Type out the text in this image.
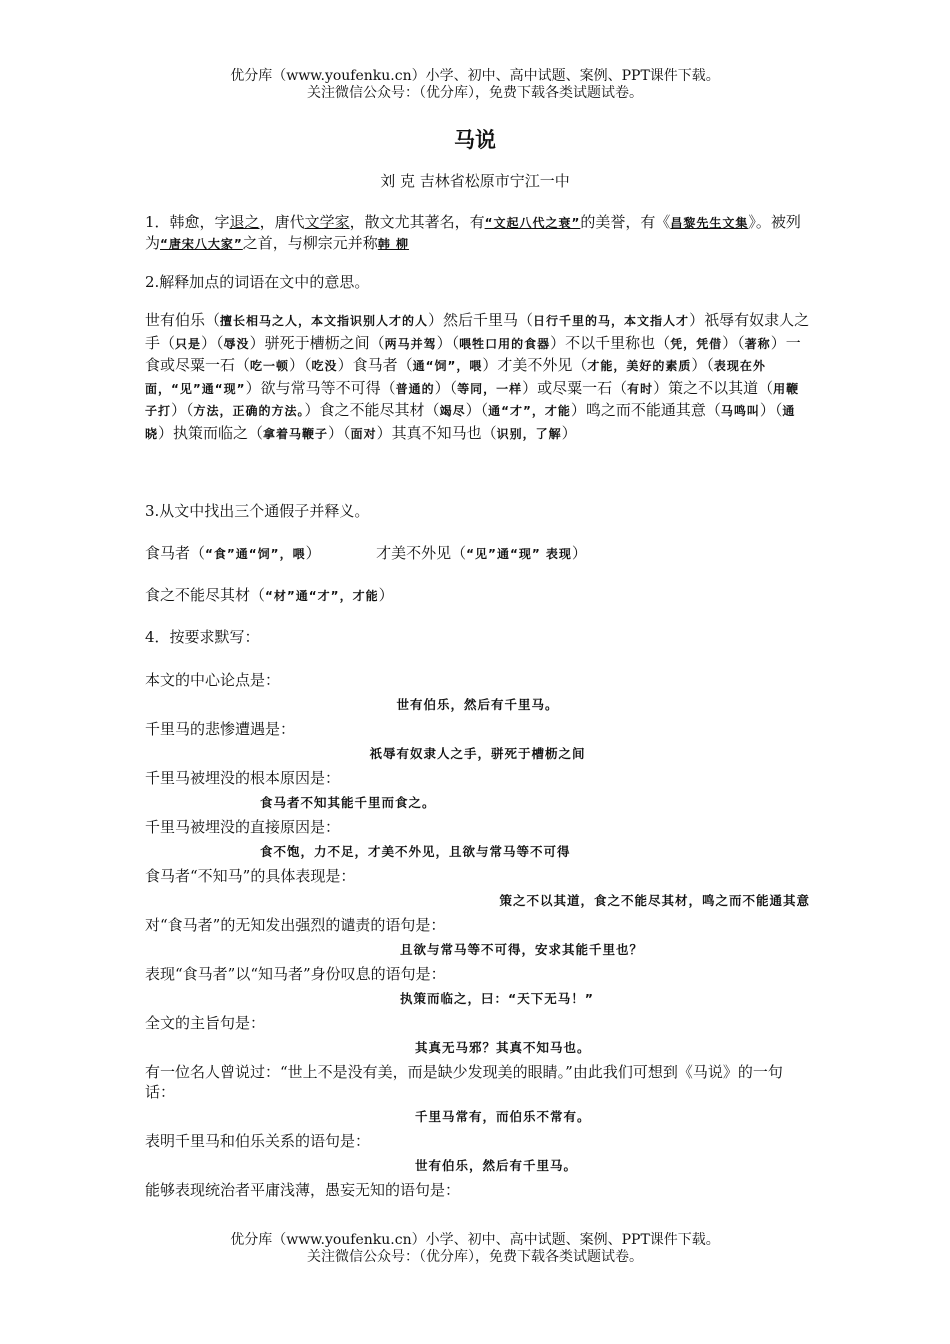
优分库（www.youfenku.cn）小学、初中、高中试题、案例、PPT课件下载。
关注微信公众号：（优分库），免费下载各类试题试卷。
马说
刘 克 吉林省松原市宁江一中
1．韩愈，字退之，唐代文学家，散文尤其著名，有“文起八代之衰”的美誉，有《昌黎先生文集》。被列为“唐宋八大家”之首，与柳宗元并称韩 柳
2.解释加点的词语在文中的意思。
世有伯乐（擅长相马之人，本文指识别人才的人）然后千里马（日行千里的马，本文指人才）祇辱有奴隶人之手（只是）（辱没）骈死于槽枥之间（两马并驾）（喂牲口用的食器）不以千里称也（凭，凭借）（著称）一食或尽粟一石（吃一顿）（吃没）食马者（通“饲”，喂）才美不外见（才能，美好的素质）（表现在外面，“见”通“现”）欲与常马等不可得（普通的）（等同，一样）或尽粟一石（有时）策之不以其道（用鞭子打）（方法，正确的方法。）食之不能尽其材（竭尽）（通“才”，才能）鸣之而不能通其意（马鸣叫）（通晓）执策而临之（拿着马鞭子）（面对）其真不知马也（识别，了解）
3.从文中找出三个通假子并释义。
食马者（“食”通“饲”，喂）	才美不外见（“见”通“现” 表现）
食之不能尽其材（“材”通“才”，才能）
4．按要求默写：

本文的中心论点是：

世有伯乐，然后有千里马。

千里马的悲惨遭遇是：

祇辱有奴隶人之手，骈死于槽枥之间

千里马被埋没的根本原因是：

食马者不知其能千里而食之。

千里马被埋没的直接原因是：

食不饱，力不足，才美不外见，且欲与常马等不可得

食马者“不知马”的具体表现是：

策之不以其道，食之不能尽其材，鸣之而不能通其意

对“食马者”的无知发出强烈的谴责的语句是：

且欲与常马等不可得，安求其能千里也？

表现“食马者”以“知马者”身份叹息的语句是：

执策而临之，曰：“天下无马！”

全文的主旨句是：

其真无马邪？其真不知马也。

有一位名人曾说过：“世上不是没有美，而是缺少发现美的眼睛。”由此我们可想到《马说》的一句话：

千里马常有，而伯乐不常有。

表明千里马和伯乐关系的语句是：

世有伯乐，然后有千里马。

能够表现统治者平庸浅薄，愚妄无知的语句是：

优分库（www.youfenku.cn）小学、初中、高中试题、案例、PPT课件下载。
关注微信公众号：（优分库），免费下载各类试题试卷。
